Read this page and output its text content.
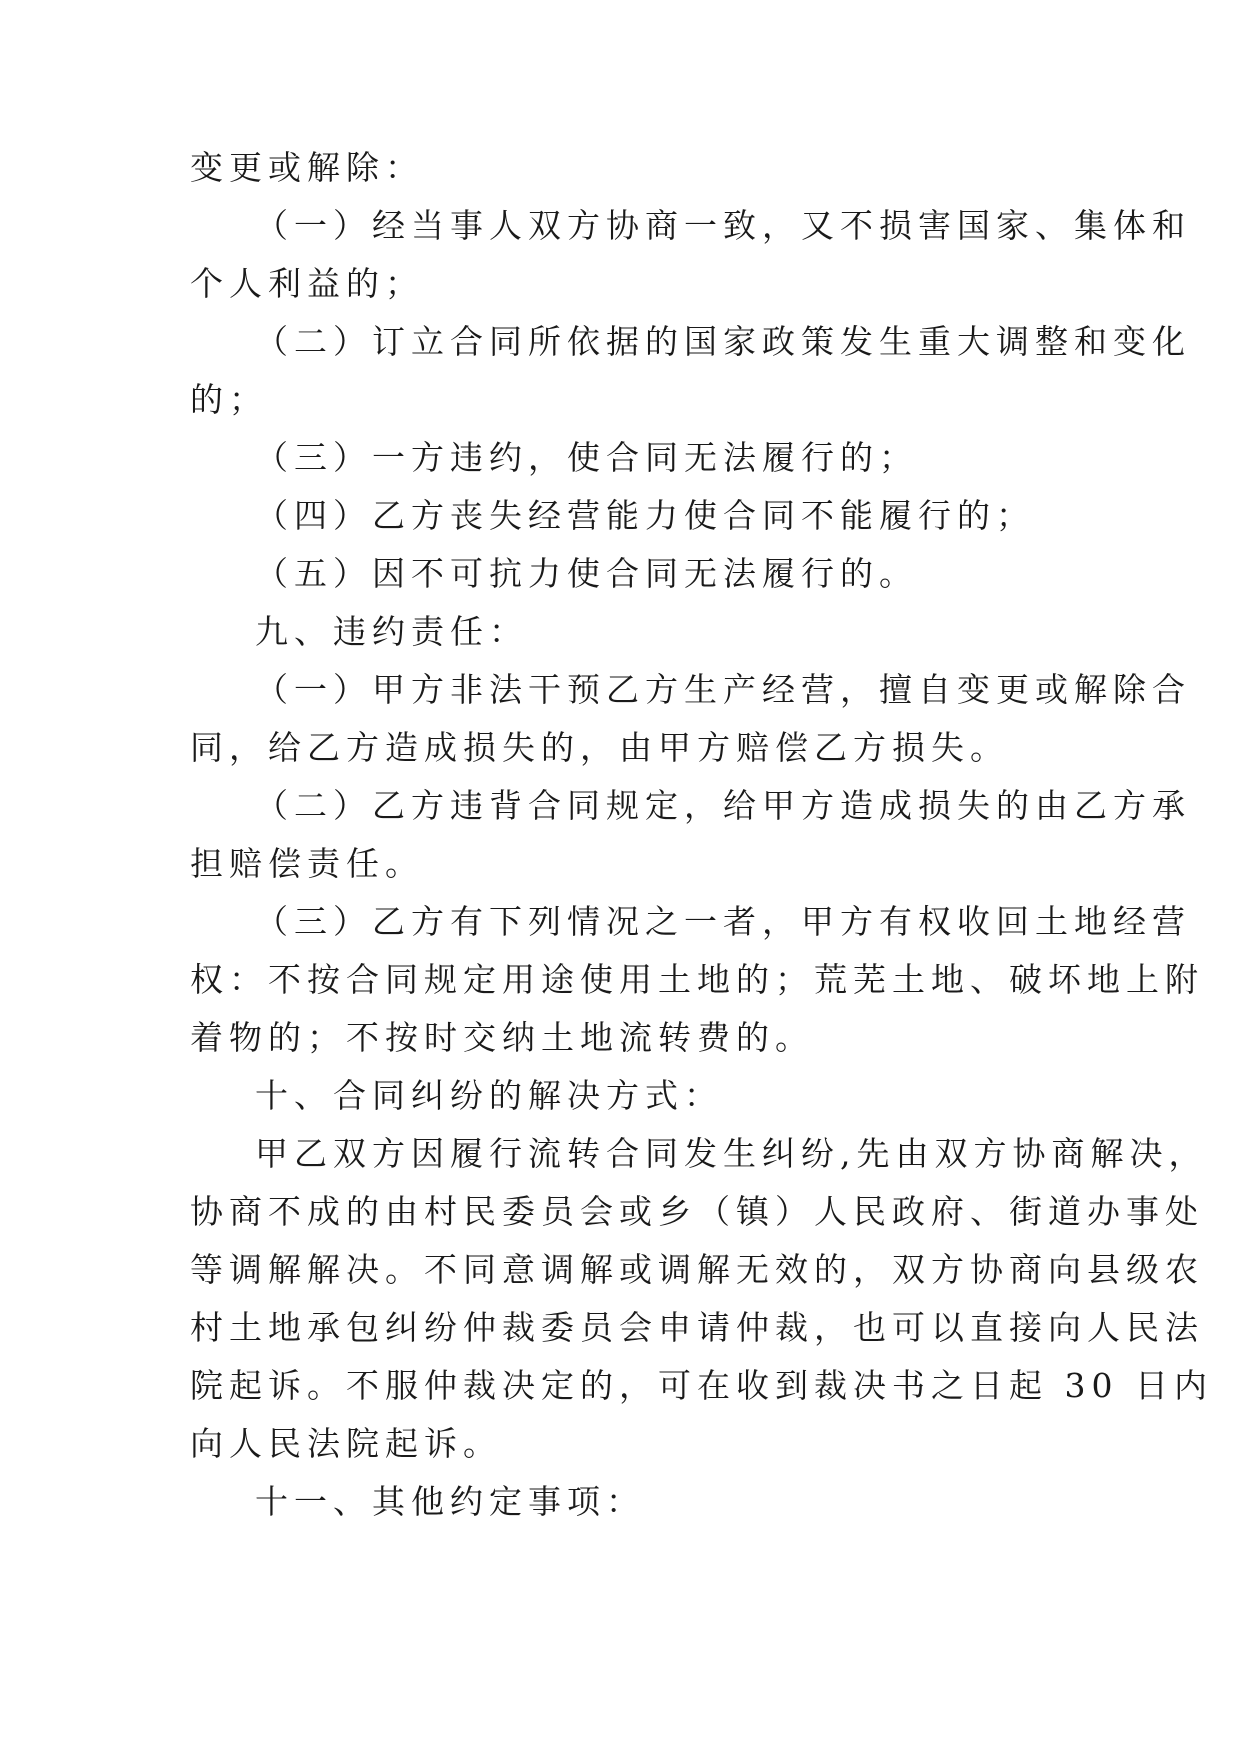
变更或解除：
（一）经当事人双方协商一致，又不损害国家、集体和
个人利益的；
（二）订立合同所依据的国家政策发生重大调整和变化
的；
（三）一方违约，使合同无法履行的；
（四）乙方丧失经营能力使合同不能履行的；
（五）因不可抗力使合同无法履行的。
九、违约责任：
（一）甲方非法干预乙方生产经营，擅自变更或解除合
同，给乙方造成损失的，由甲方赔偿乙方损失。
（二）乙方违背合同规定，给甲方造成损失的由乙方承
担赔偿责任。
（三）乙方有下列情况之一者，甲方有权收回土地经营
权：不按合同规定用途使用土地的；荒芜土地、破坏地上附
着物的；不按时交纳土地流转费的。
十、合同纠纷的解决方式：
甲乙双方因履行流转合同发生纠纷,先由双方协商解决，
协商不成的由村民委员会或乡（镇）人民政府、街道办事处
等调解解决。不同意调解或调解无效的，双方协商向县级农
村土地承包纠纷仲裁委员会申请仲裁，也可以直接向人民法
院起诉。不服仲裁决定的，可在收到裁决书之日起 30 日内
向人民法院起诉。
十一、其他约定事项：
